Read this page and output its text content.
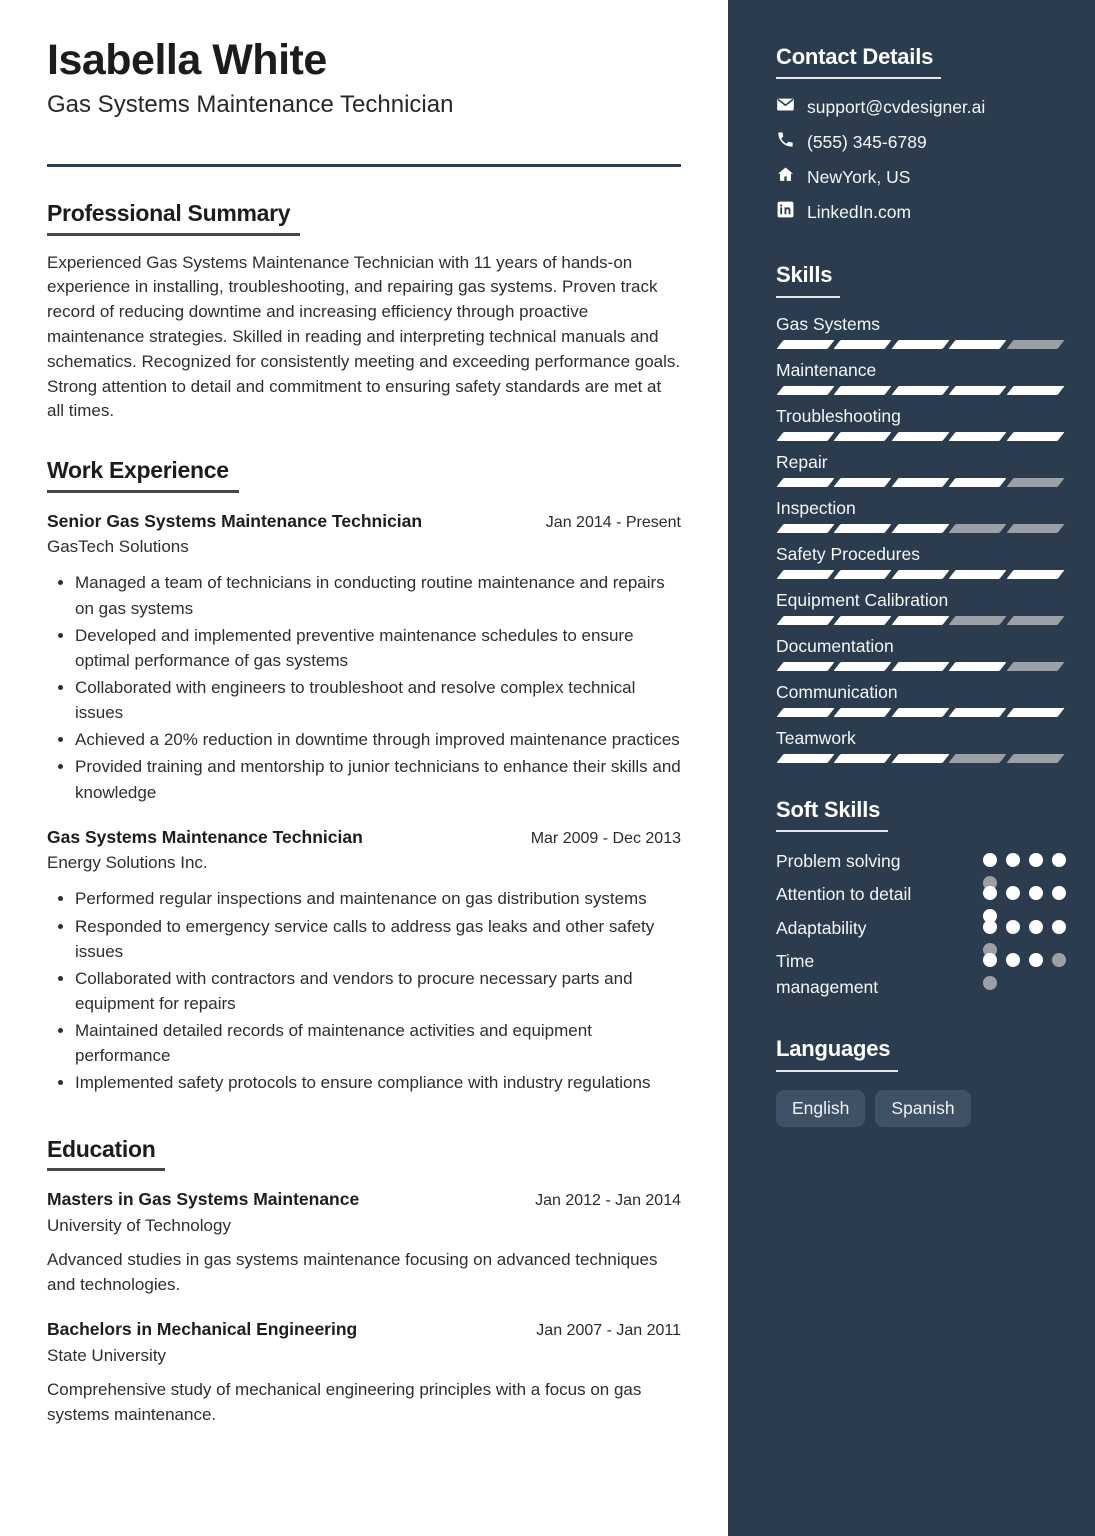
Isabella White
Gas Systems Maintenance Technician
Professional Summary

Experienced Gas Systems Maintenance Technician with 11 years of hands-on experience in installing, troubleshooting, and repairing gas systems. Proven track record of reducing downtime and increasing efficiency through proactive maintenance strategies. Skilled in reading and interpreting technical manuals and schematics. Recognized for consistently meeting and exceeding performance goals. Strong attention to detail and commitment to ensuring safety standards are met at all times.

Work Experience
Senior Gas Systems Maintenance Technician	Jan 2014 - Present
GasTech Solutions
• Managed a team of technicians in conducting routine maintenance and repairs on gas systems
• Developed and implemented preventive maintenance schedules to ensure optimal performance of gas systems
• Collaborated with engineers to troubleshoot and resolve complex technical issues
• Achieved a 20% reduction in downtime through improved maintenance practices
• Provided training and mentorship to junior technicians to enhance their skills and knowledge
Gas Systems Maintenance Technician	Mar 2009 - Dec 2013
Energy Solutions Inc.
• Performed regular inspections and maintenance on gas distribution systems
• Responded to emergency service calls to address gas leaks and other safety issues
• Collaborated with contractors and vendors to procure necessary parts and equipment for repairs
• Maintained detailed records of maintenance activities and equipment performance
• Implemented safety protocols to ensure compliance with industry regulations
Education
Masters in Gas Systems Maintenance	Jan 2012 - Jan 2014
University of Technology

Advanced studies in gas systems maintenance focusing on advanced techniques and technologies.

Bachelors in Mechanical Engineering	Jan 2007 - Jan 2011
State University

Comprehensive study of mechanical engineering principles with a focus on gas systems maintenance.

Contact Details
support@cvdesigner.ai
(555) 345-6789
NewYork, US
LinkedIn.com
Skills
Gas Systems
Maintenance
Troubleshooting
Repair
Inspection
Safety Procedures
Equipment Calibration
Documentation
Communication
Teamwork
Soft Skills
Problem solving
Attention to detail
Adaptability
Time management
Languages
English Spanish
